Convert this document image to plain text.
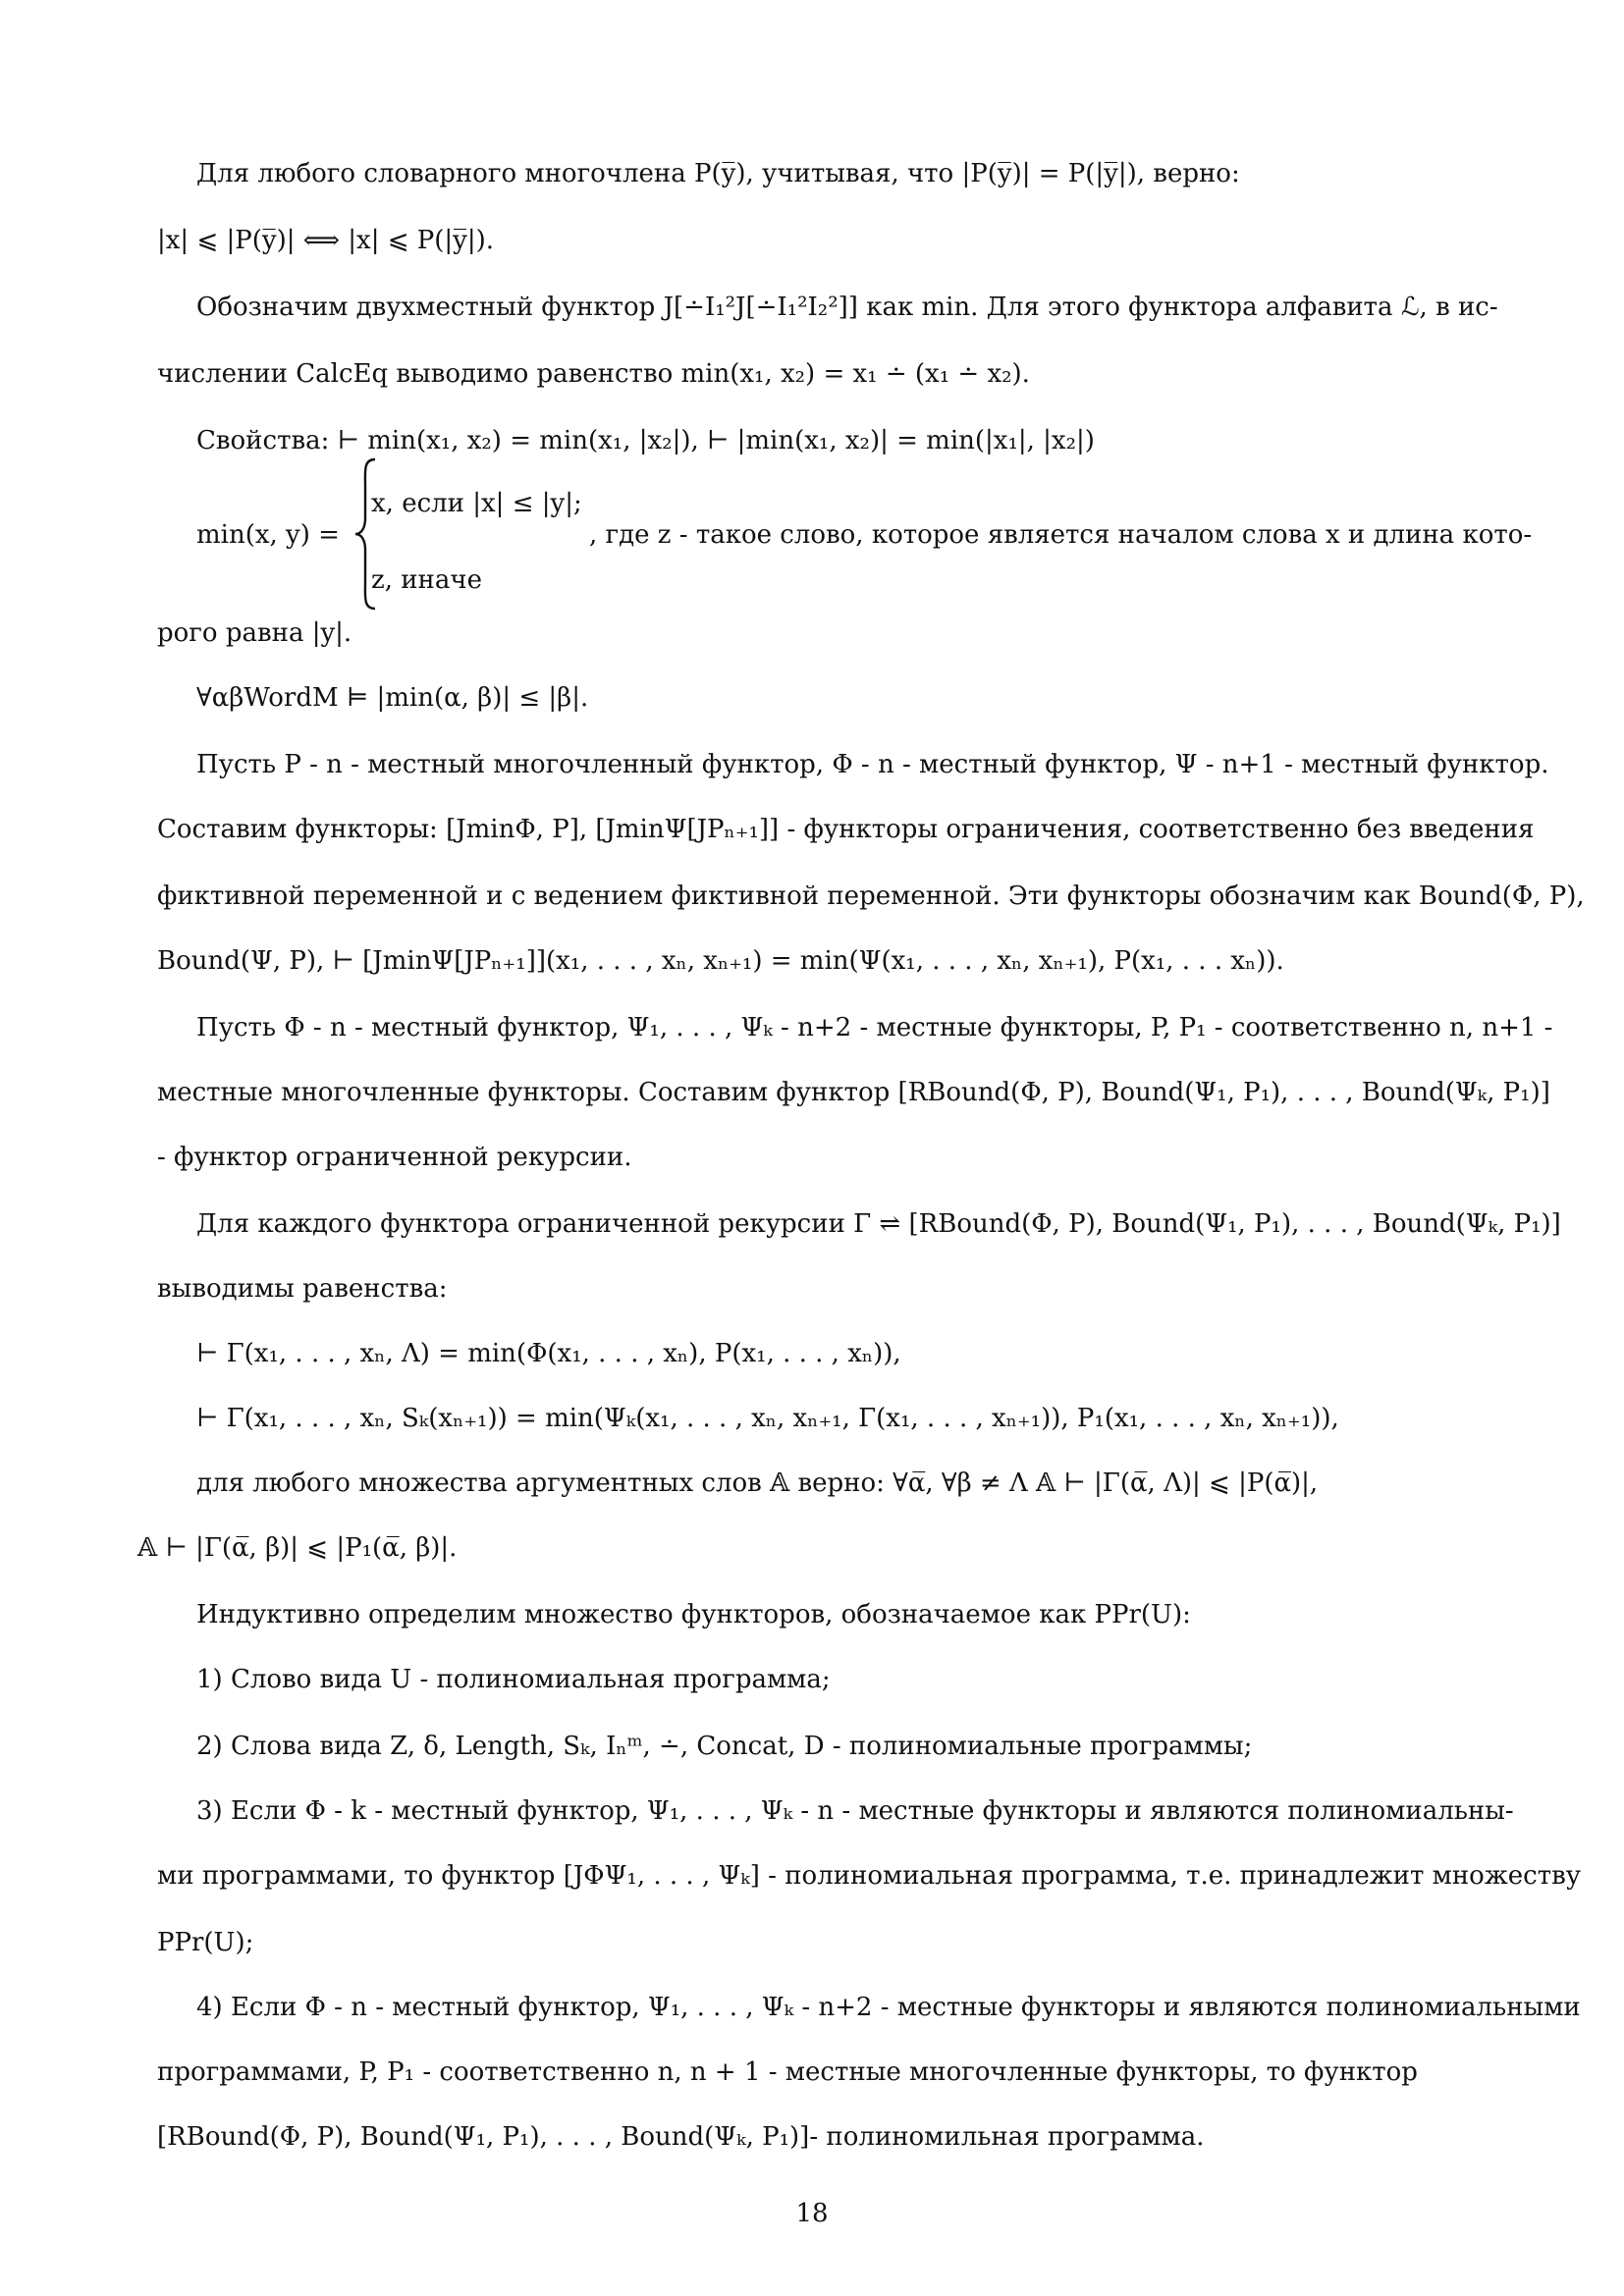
Для любого словарного многочлена P(y̅), учитывая, что |P(y̅)| = P(|y̅|), верно:
|x| ⩽ |P(y̅)| ⟺ |x| ⩽ P(|y̅|).
Обозначим двухместный функтор J[∸I₁²J[∸I₁²I₂²]] как min. Для этого функтора алфавита ℒ, в ис-
числении CalcEq выводимо равенство min(x₁, x₂) = x₁ ∸ (x₁ ∸ x₂).
Свойства: ⊢ min(x₁, x₂) = min(x₁, |x₂|), ⊢ |min(x₁, x₂)| = min(|x₁|, |x₂|)
min(x, y) =
x, если |x| ≤ |y|;
, где z - такое слово, которое является началом слова x и длина кото-
z, иначе
рого равна |y|.
∀αβWordM ⊨ |min(α, β)| ≤ |β|.
Пусть P - n - местный многочленный функтор, Φ - n - местный функтор, Ψ - n+1 - местный функтор.
Составим функторы: [JminΦ, P], [JminΨ[JPₙ₊₁]] - функторы ограничения, соответственно без введения
фиктивной переменной и с ведением фиктивной переменной. Эти функторы обозначим как Bound(Φ, P),
Bound(Ψ, P), ⊢ [JminΨ[JPₙ₊₁]](x₁, . . . , xₙ, xₙ₊₁) = min(Ψ(x₁, . . . , xₙ, xₙ₊₁), P(x₁, . . . xₙ)).
Пусть Φ - n - местный функтор, Ψ₁, . . . , Ψₖ - n+2 - местные функторы, P, P₁ - соответственно n, n+1 -
местные многочленные функторы. Составим функтор [RBound(Φ, P), Bound(Ψ₁, P₁), . . . , Bound(Ψₖ, P₁)]
- функтор ограниченной рекурсии.
Для каждого функтора ограниченной рекурсии Γ ⇌ [RBound(Φ, P), Bound(Ψ₁, P₁), . . . , Bound(Ψₖ, P₁)]
выводимы равенства:
⊢ Γ(x₁, . . . , xₙ, Λ) = min(Φ(x₁, . . . , xₙ), P(x₁, . . . , xₙ)),
⊢ Γ(x₁, . . . , xₙ, Sₖ(xₙ₊₁)) = min(Ψₖ(x₁, . . . , xₙ, xₙ₊₁, Γ(x₁, . . . , xₙ₊₁)), P₁(x₁, . . . , xₙ, xₙ₊₁)),
для любого множества аргументных слов 𝔸 верно: ∀α̅, ∀β ≠ Λ 𝔸 ⊢ |Γ(α̅, Λ)| ⩽ |P(α̅)|,
𝔸 ⊢ |Γ(α̅, β)| ⩽ |P₁(α̅, β)|.
Индуктивно определим множество функторов, обозначаемое как PPr(U):
1) Слово вида U - полиномиальная программа;
2) Слова вида Z, δ, Length, Sₖ, Iₙᵐ, ∸, Concat, D - полиномиальные программы;
3) Если Φ - k - местный функтор, Ψ₁, . . . , Ψₖ - n - местные функторы и являются полиномиальны-
ми программами, то функтор [JΦΨ₁, . . . , Ψₖ] - полиномиальная программа, т.е. принадлежит множеству
PPr(U);
4) Если Φ - n - местный функтор, Ψ₁, . . . , Ψₖ - n+2 - местные функторы и являются полиномиальными
программами, P, P₁ - соответственно n, n + 1 - местные многочленные функторы, то функтор
[RBound(Φ, P), Bound(Ψ₁, P₁), . . . , Bound(Ψₖ, P₁)]- полиномильная программа.
18
